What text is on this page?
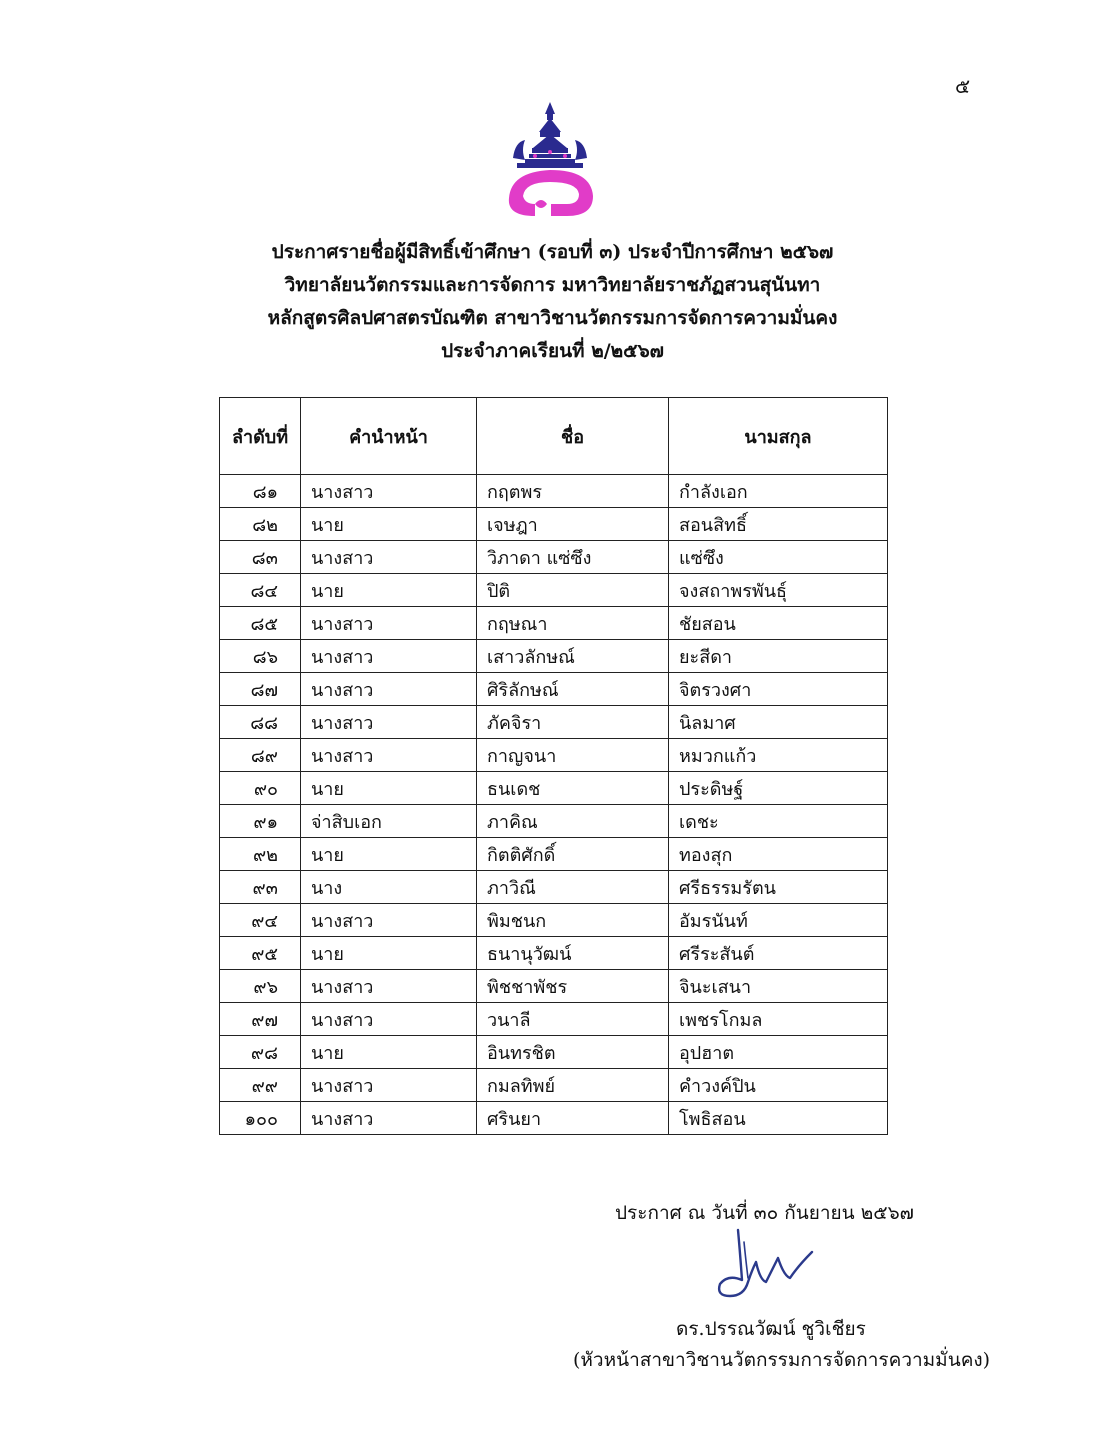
๕
ประกาศรายชื่อผู้มีสิทธิ์เข้าศึกษา (รอบที่ ๓) ประจำปีการศึกษา ๒๕๖๗
วิทยาลัยนวัตกรรมและการจัดการ มหาวิทยาลัยราชภัฏสวนสุนันทา
หลักสูตรศิลปศาสตรบัณฑิต สาขาวิชานวัตกรรมการจัดการความมั่นคง
ประจำภาคเรียนที่ ๒/๒๕๖๗
ลำดับที่	คำนำหน้า	ชื่อ	นามสกุล
๘๑	นางสาว	กฤตพร	กำลังเอก
๘๒	นาย	เจษฎา	สอนสิทธิ์
๘๓	นางสาว	วิภาดา แซ่ซึง	แซ่ซึง
๘๔	นาย	ปิติ	จงสถาพรพันธุ์
๘๕	นางสาว	กฤษณา	ชัยสอน
๘๖	นางสาว	เสาวลักษณ์	ยะสีดา
๘๗	นางสาว	ศิริลักษณ์	จิตรวงศา
๘๘	นางสาว	ภัคจิรา	นิลมาศ
๘๙	นางสาว	กาญจนา	หมวกแก้ว
๙๐	นาย	ธนเดช	ประดิษฐ์
๙๑	จ่าสิบเอก	ภาคิณ	เดชะ
๙๒	นาย	กิตติศักดิ์	ทองสุก
๙๓	นาง	ภาวิณี	ศรีธรรมรัตน
๙๔	นางสาว	พิมชนก	อัมรนันท์
๙๕	นาย	ธนานุวัฒน์	ศรีระสันต์
๙๖	นางสาว	พิชชาพัชร	จินะเสนา
๙๗	นางสาว	วนาลี	เพชรโกมล
๙๘	นาย	อินทรชิต	อุปฮาต
๙๙	นางสาว	กมลทิพย์	คำวงค์ปิน
๑๐๐	นางสาว	ศรินยา	โพธิสอน
ประกาศ ณ วันที่ ๓๐ กันยายน ๒๕๖๗
ดร.ปรรณวัฒน์ ชูวิเชียร
(หัวหน้าสาขาวิชานวัตกรรมการจัดการความมั่นคง)
